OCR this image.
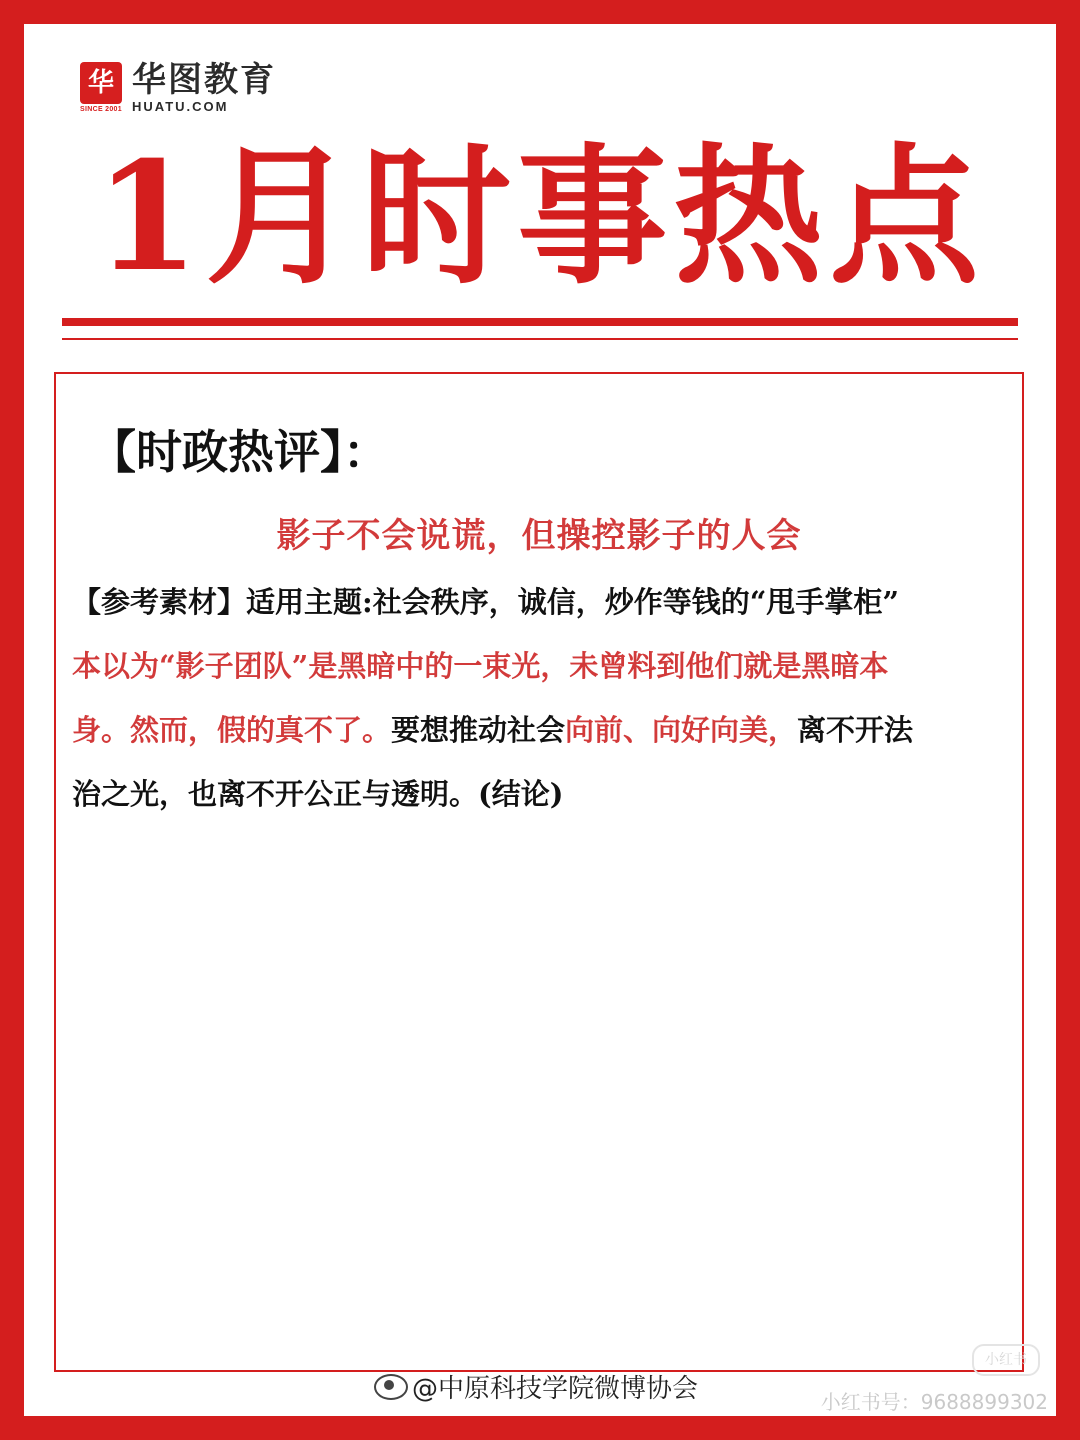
华
SINCE 2001
华图教育
HUATU.COM
1月时事热点
【时政热评】：
影子不会说谎，但操控影子的人会
【参考素材】适用主题:社会秩序，诚信，炒作等钱的“甩手掌柜”
本以为“影子团队”是黑暗中的一束光，未曾料到他们就是黑暗本
身。然而，假的真不了。要想推动社会向前、向好向美，离不开法
治之光，也离不开公正与透明。(结论)
小红书
小红书号：9688899302
@中原科技学院微博协会
